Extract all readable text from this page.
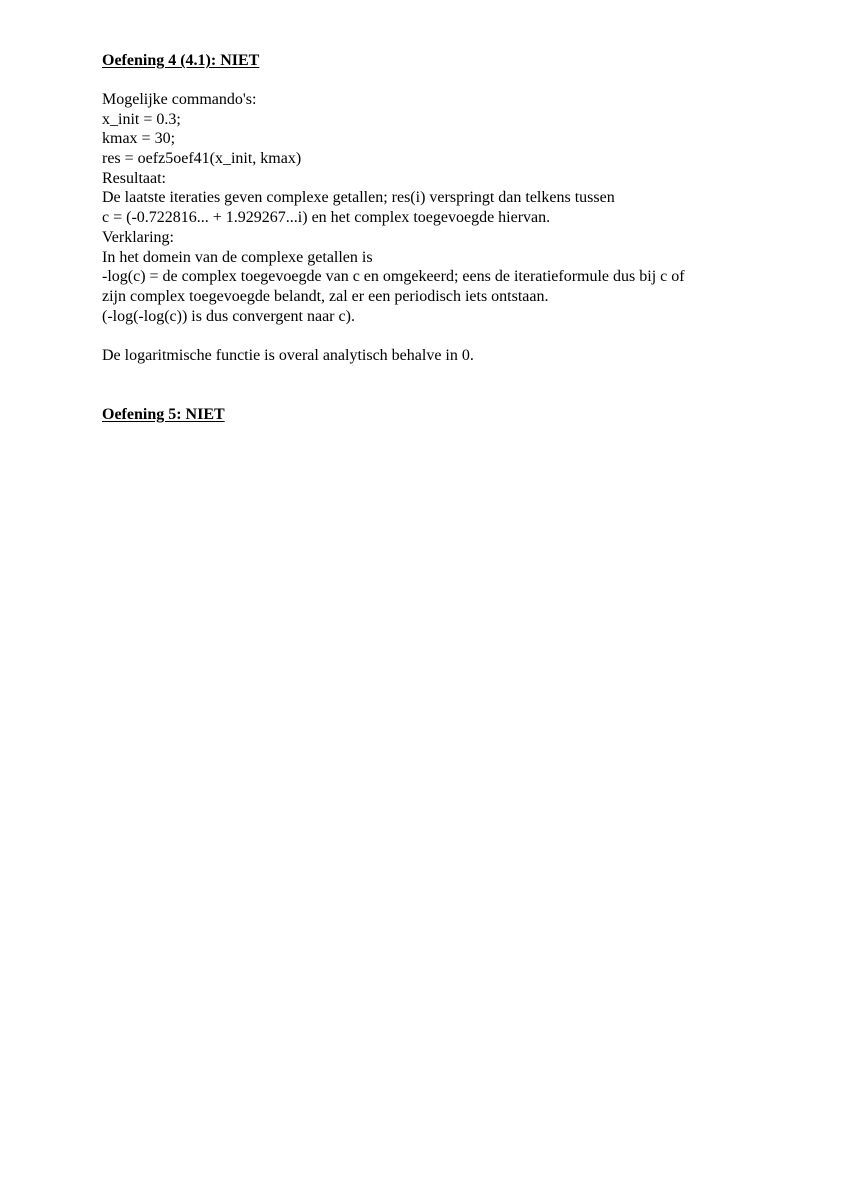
Oefening 4 (4.1): NIET
Mogelijke commando's:
x_init = 0.3;
kmax = 30;
res = oefz5oef41(x_init, kmax)
Resultaat:
De laatste iteraties geven complexe getallen; res(i) verspringt dan telkens tussen
c = (-0.722816... + 1.929267...i) en het complex toegevoegde hiervan.
Verklaring:
In het domein van de complexe getallen is
-log(c) = de complex toegevoegde van c en omgekeerd; eens de iteratieformule dus bij c of
zijn complex toegevoegde belandt, zal er een periodisch iets ontstaan.
(-log(-log(c)) is dus convergent naar c).
De logaritmische functie is overal analytisch behalve in 0.
Oefening 5: NIET
